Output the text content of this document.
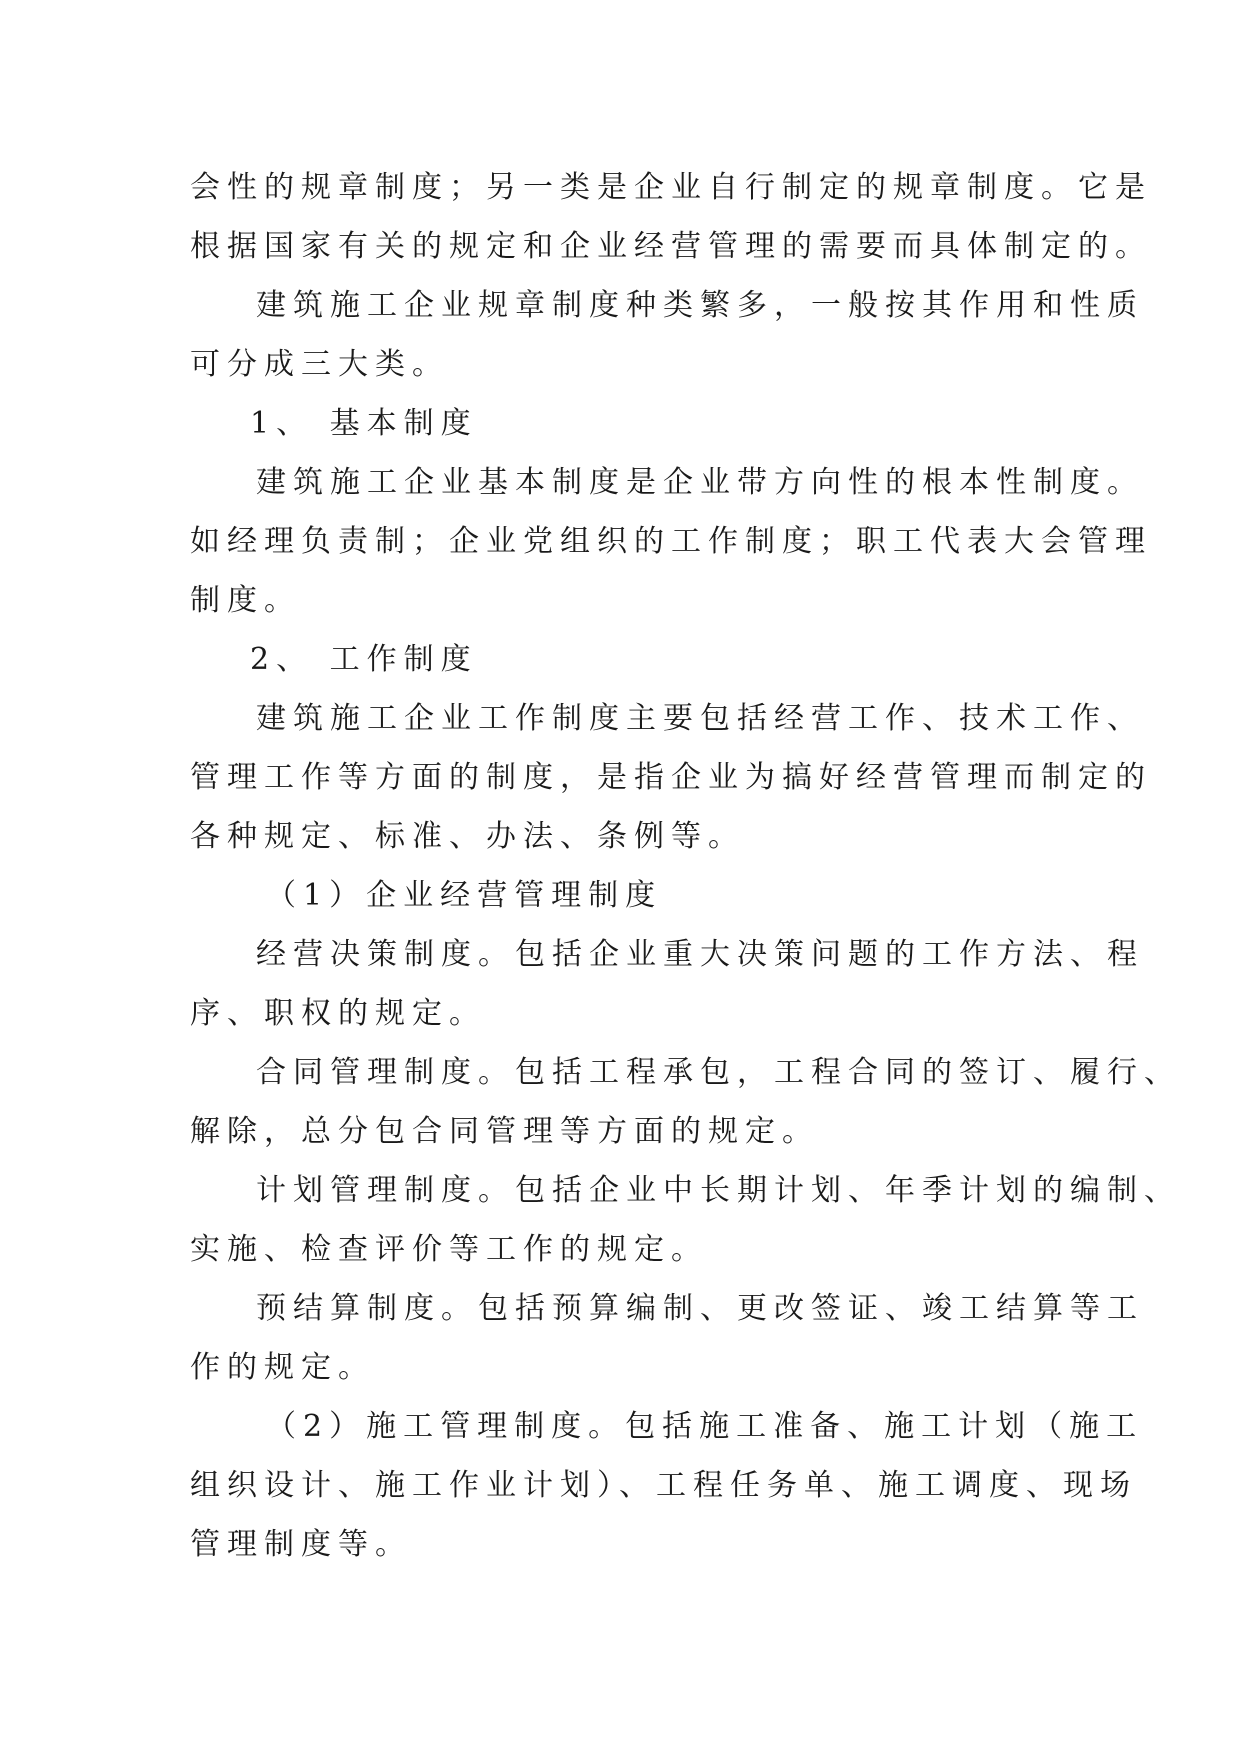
会性的规章制度；另一类是企业自行制定的规章制度。它是
根据国家有关的规定和企业经营管理的需要而具体制定的。
建筑施工企业规章制度种类繁多，一般按其作用和性质
可分成三大类。
1、 基本制度
建筑施工企业基本制度是企业带方向性的根本性制度。
如经理负责制；企业党组织的工作制度；职工代表大会管理
制度。
2、 工作制度
建筑施工企业工作制度主要包括经营工作、技术工作、
管理工作等方面的制度，是指企业为搞好经营管理而制定的
各种规定、标准、办法、条例等。
（1）企业经营管理制度
经营决策制度。包括企业重大决策问题的工作方法、程
序、职权的规定。
合同管理制度。包括工程承包，工程合同的签订、履行、
解除，总分包合同管理等方面的规定。
计划管理制度。包括企业中长期计划、年季计划的编制、
实施、检查评价等工作的规定。
预结算制度。包括预算编制、更改签证、竣工结算等工
作的规定。
（2）施工管理制度。包括施工准备、施工计划（施工
组织设计、施工作业计划）、工程任务单、施工调度、现场
管理制度等。
